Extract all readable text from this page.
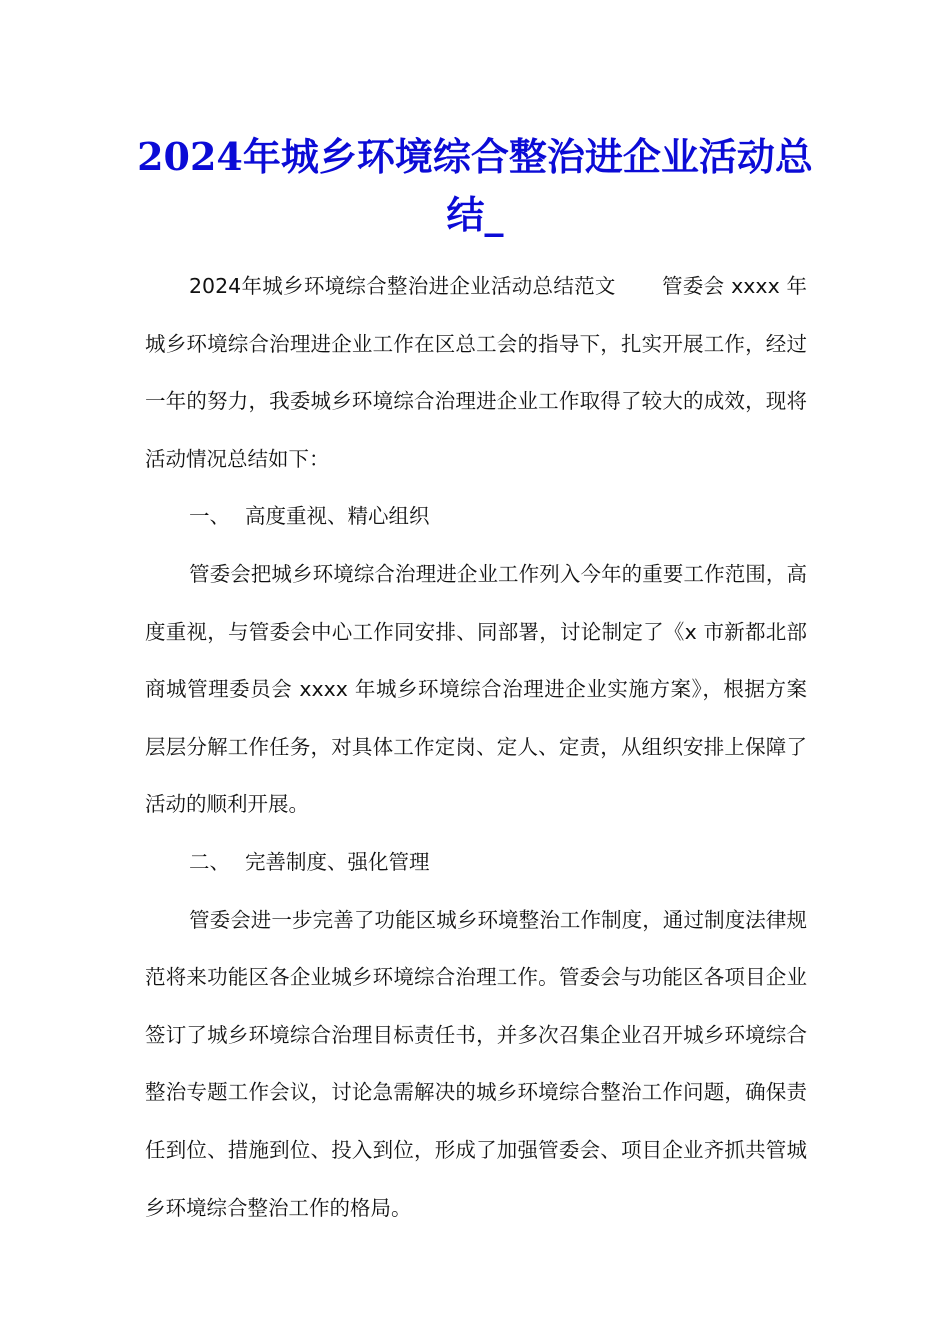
2024年城乡环境综合整治进企业活动总结_

2024年城乡环境综合整治进企业活动总结范文 管委会 xxxx 年城乡环境综合治理进企业工作在区总工会的指导下，扎实开展工作，经过一年的努力，我委城乡环境综合治理进企业工作取得了较大的成效，现将活动情况总结如下：

一、 高度重视、精心组织

管委会把城乡环境综合治理进企业工作列入今年的重要工作范围，高度重视，与管委会中心工作同安排、同部署，讨论制定了《x 市新都北部商城管理委员会 xxxx 年城乡环境综合治理进企业实施方案》，根据方案层层分解工作任务，对具体工作定岗、定人、定责，从组织安排上保障了活动的顺利开展。

二、 完善制度、强化管理

管委会进一步完善了功能区城乡环境整治工作制度，通过制度法律规范将来功能区各企业城乡环境综合治理工作。管委会与功能区各项目企业签订了城乡环境综合治理目标责任书，并多次召集企业召开城乡环境综合整治专题工作会议，讨论急需解决的城乡环境综合整治工作问题，确保责任到位、措施到位、投入到位，形成了加强管委会、项目企业齐抓共管城乡环境综合整治工作的格局。
